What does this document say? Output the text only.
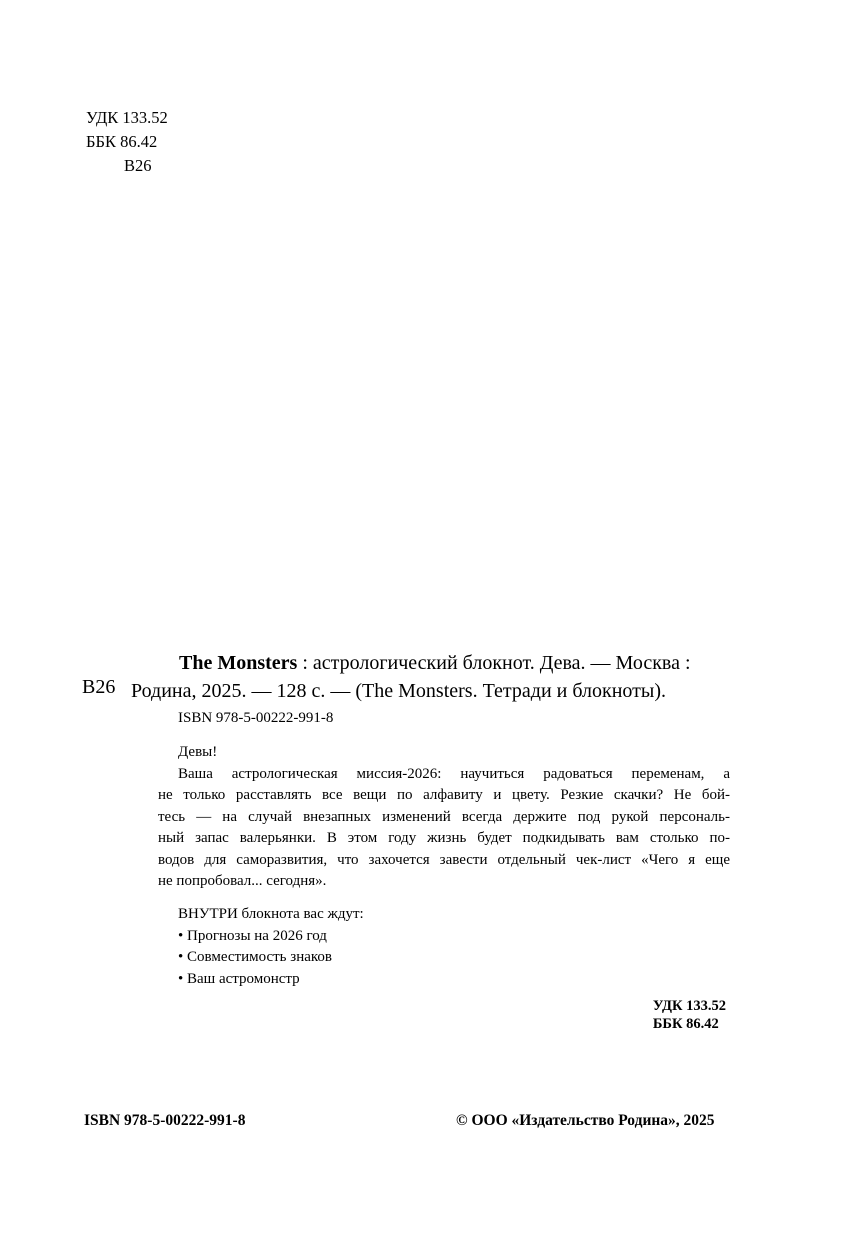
УДК 133.52
ББК 86.42
В26
В26
The Monsters : астрологический блокнот. Дева. — Москва :
Родина, 2025. — 128 с. — (The Monsters. Тетради и блокноты).
ISBN 978-5-00222-991-8

Девы!

Ваша астрологическая миссия-2026: научиться радоваться переменам, а

не только расставлять все вещи по алфавиту и цвету. Резкие скачки? Не бой-

тесь — на случай внезапных изменений всегда держите под рукой персональ-

ный запас валерьянки. В этом году жизнь будет подкидывать вам столько по-

водов для саморазвития, что захочется завести отдельный чек-лист «Чего я еще

не попробовал... сегодня».

ВНУТРИ блокнота вас ждут:
• Прогнозы на 2026 год
• Совместимость знаков
• Ваш астромонстр
УДК 133.52
ББК 86.42
ISBN 978-5-00222-991-8	© ООО «Издательство Родина», 2025
